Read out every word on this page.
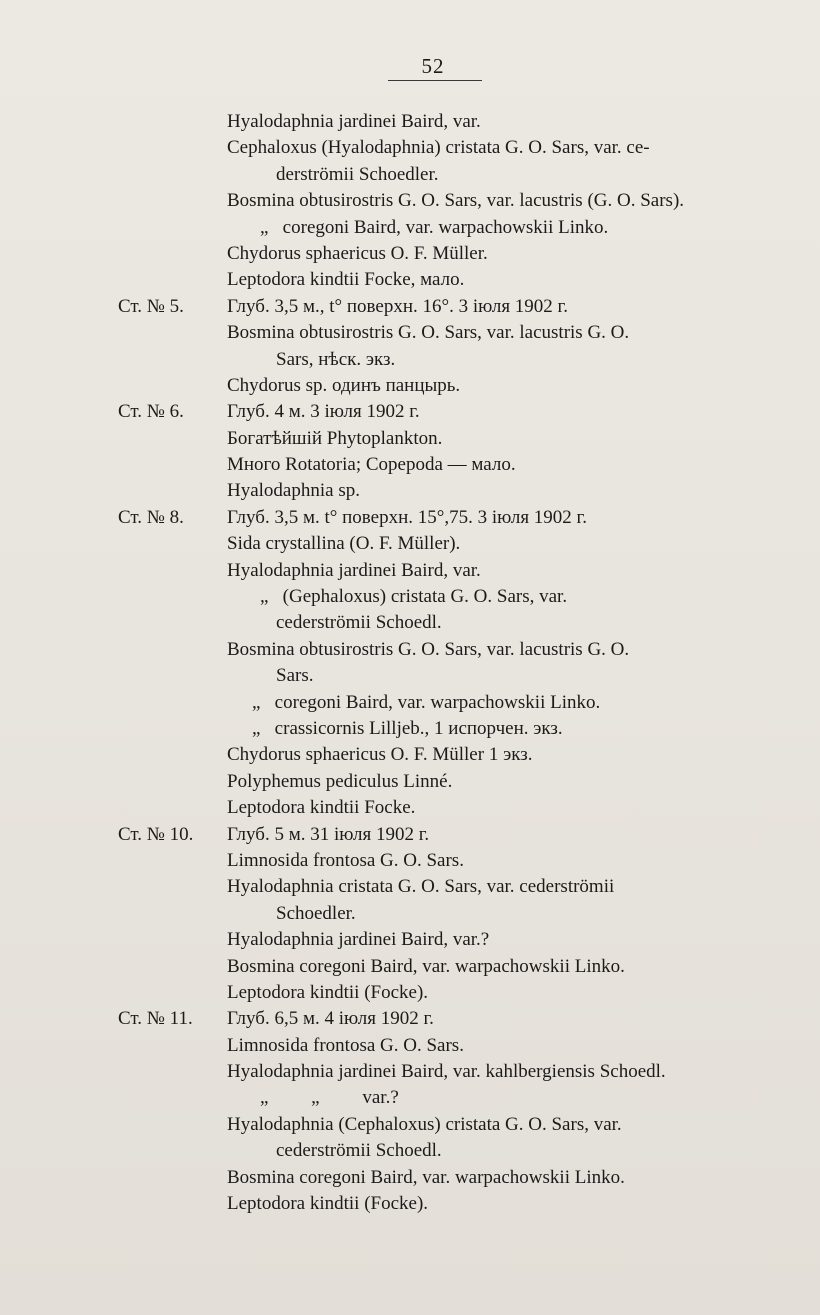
52
Hyalodaphnia jardinei Baird, var.
Cephaloxus (Hyalodaphnia) cristata G. O. Sars, var. ce-
derströmii Schoedler.
Bosmina obtusirostris G. O. Sars, var. lacustris (G. O. Sars).
„   coregoni Baird, var. warpachowskii Linko.
Chydorus sphaericus O. F. Müller.
Leptodora kindtii Focke, мало.
Ст. № 5. Глуб. 3,5 м., t° поверхн. 16°. 3 іюля 1902 г.
Bosmina obtusirostris G. O. Sars, var. lacustris G. O.
Sars, нѣск. экз.
Chydorus sp. одинъ панцырь.
Ст. № 6. Глуб. 4 м. 3 іюля 1902 г.
Богатѣйшій Phytoplankton.
Много Rotatoria; Copepoda — мало.
Hyalodaphnia sp.
Ст. № 8. Глуб. 3,5 м. t° поверхн. 15°,75. 3 іюля 1902 г.
Sida crystallina (O. F. Müller).
Hyalodaphnia jardinei Baird, var.
„   (Gephaloxus) cristata G. O. Sars, var.
cederströmii Schoedl.
Bosmina obtusirostris G. O. Sars, var. lacustris G. O.
Sars.
„   coregoni Baird, var. warpachowskii Linko.
„   crassicornis Lilljeb., 1 испорчен. экз.
Chydorus sphaericus O. F. Müller 1 экз.
Polyphemus pediculus Linné.
Leptodora kindtii Focke.
Ст. № 10. Глуб. 5 м. 31 іюля 1902 г.
Limnosida frontosa G. O. Sars.
Hyalodaphnia cristata G. O. Sars, var. cederströmii
Schoedler.
Hyalodaphnia jardinei Baird, var.?
Bosmina coregoni Baird, var. warpachowskii Linko.
Leptodora kindtii (Focke).
Ст. № 11. Глуб. 6,5 м. 4 іюля 1902 г.
Limnosida frontosa G. O. Sars.
Hyalodaphnia jardinei Baird, var. kahlbergiensis Schoedl.
„         „         var.?
Hyalodaphnia (Cephaloxus) cristata G. O. Sars, var.
cederströmii Schoedl.
Bosmina coregoni Baird, var. warpachowskii Linko.
Leptodora kindtii (Focke).
